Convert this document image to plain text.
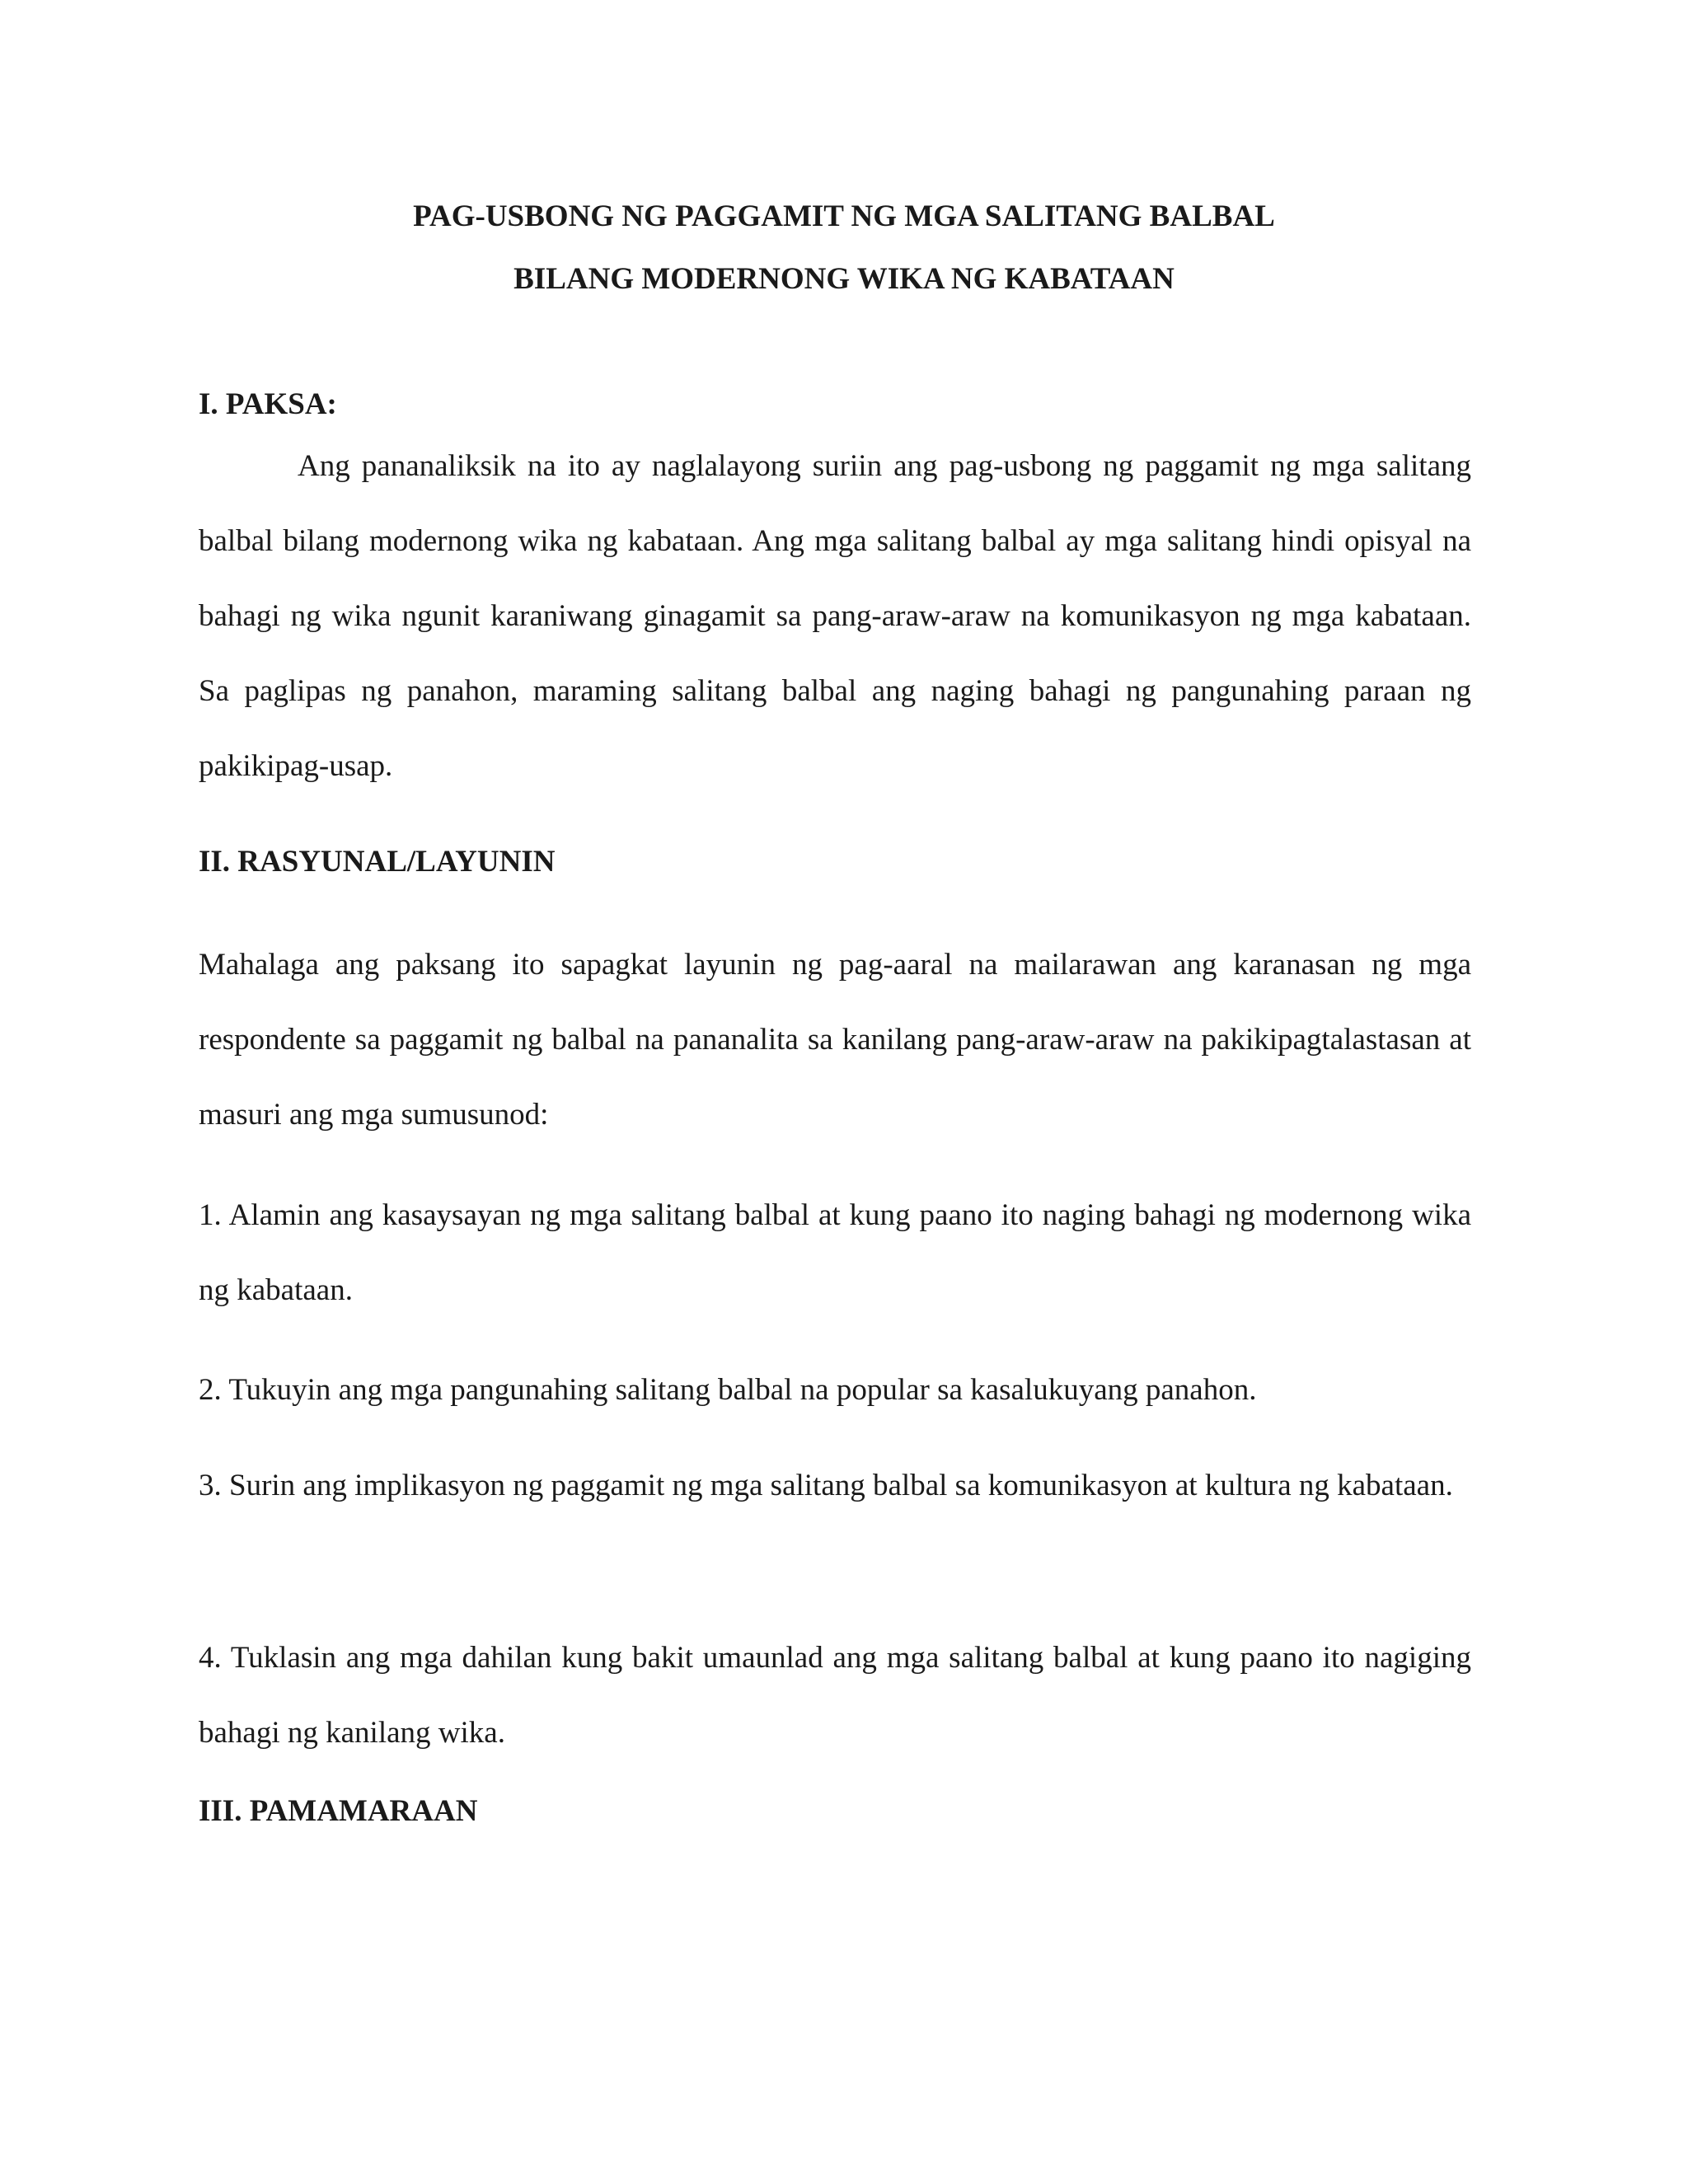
PAG-USBONG NG PAGGAMIT NG MGA SALITANG BALBAL
BILANG MODERNONG WIKA NG KABATAAN
I. PAKSA:

Ang pananaliksik na ito ay naglalayong suriin ang pag-usbong ng paggamit ng mga salitang balbal bilang modernong wika ng kabataan. Ang mga salitang balbal ay mga salitang hindi opisyal na bahagi ng wika ngunit karaniwang ginagamit sa pang-araw-araw na komunikasyon ng mga kabataan. Sa paglipas ng panahon, maraming salitang balbal ang naging bahagi ng pangunahing paraan ng pakikipag-usap.

II. RASYUNAL/LAYUNIN

Mahalaga ang paksang ito sapagkat layunin ng pag-aaral na mailarawan ang karanasan ng mga respondente sa paggamit ng balbal na pananalita sa kanilang pang-araw-araw na pakikipagtalastasan at masuri ang mga sumusunod:

1. Alamin ang kasaysayan ng mga salitang balbal at kung paano ito naging bahagi ng modernong wika ng kabataan.

2. Tukuyin ang mga pangunahing salitang balbal na popular sa kasalukuyang panahon.

3. Surin ang implikasyon ng paggamit ng mga salitang balbal sa komunikasyon at kultura ng kabataan.

4. Tuklasin ang mga dahilan kung bakit umaunlad ang mga salitang balbal at kung paano ito nagiging bahagi ng kanilang wika.

III. PAMAMARAAN
